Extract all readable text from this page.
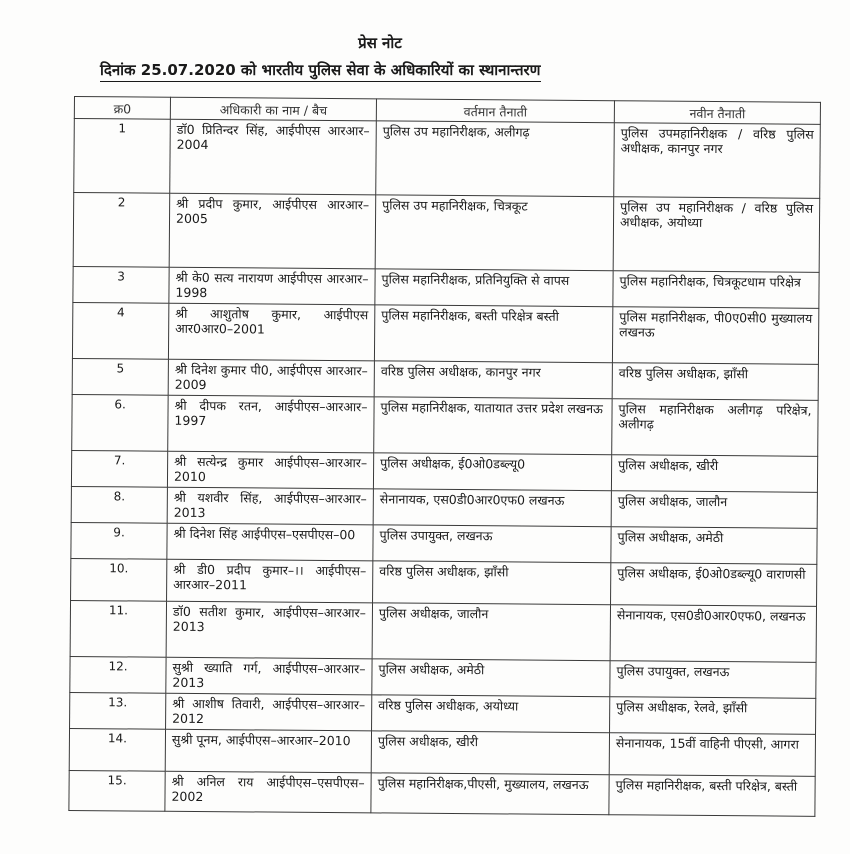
प्रेस नोट
दिनांक 25.07.2020 को भारतीय पुलिस सेवा के अधिकारियों का स्थानान्तरण
क्र0	अधिकारी का नाम / बैच	वर्तमान तैनाती	नवीन तैनाती
1	डॉ0 प्रितिन्दर सिंह, आईपीएस आरआर–2004	पुलिस उप महानिरीक्षक, अलीगढ़	पुलिस उपमहानिरीक्षक / वरिष्ठ पुलिस अधीक्षक, कानपुर नगर
2	श्री प्रदीप कुमार, आईपीएस आरआर–2005	पुलिस उप महानिरीक्षक, चित्रकूट	पुलिस उप महानिरीक्षक / वरिष्ठ पुलिस अधीक्षक, अयोध्या
3	श्री के0 सत्य नारायण आईपीएस आरआर–1998	पुलिस महानिरीक्षक, प्रतिनियुक्ति से वापस	पुलिस महानिरीक्षक, चित्रकूटधाम परिक्षेत्र
4	श्री आशुतोष कुमार, आईपीएस आर0आर0–2001	पुलिस महानिरीक्षक, बस्ती परिक्षेत्र बस्ती	पुलिस महानिरीक्षक, पी0ए0सी0 मुख्यालय लखनऊ
5	श्री दिनेश कुमार पी0, आईपीएस आरआर–2009	वरिष्ठ पुलिस अधीक्षक, कानपुर नगर	वरिष्ठ पुलिस अधीक्षक, झाँसी
6.	श्री दीपक रतन, आईपीएस–आरआर–1997	पुलिस महानिरीक्षक, यातायात उत्तर प्रदेश लखनऊ	पुलिस महानिरीक्षक अलीगढ़ परिक्षेत्र, अलीगढ़
7.	श्री सत्येन्द्र कुमार आईपीएस–आरआर–2010	पुलिस अधीक्षक, ई0ओ0डब्ल्यू0	पुलिस अधीक्षक, खीरी
8.	श्री यशवीर सिंह, आईपीएस–आरआर–2013	सेनानायक, एस0डी0आर0एफ0 लखनऊ	पुलिस अधीक्षक, जालौन
9.	श्री दिनेश सिंह आईपीएस–एसपीएस–00	पुलिस उपायुक्त, लखनऊ	पुलिस अधीक्षक, अमेठी
10.	श्री डी0 प्रदीप कुमार–।। आईपीएस–आरआर–2011	वरिष्ठ पुलिस अधीक्षक, झाँसी	पुलिस अधीक्षक, ई0ओ0डब्ल्यू0 वाराणसी
11.	डॉ0 सतीश कुमार, आईपीएस–आरआर–2013	पुलिस अधीक्षक, जालौन	सेनानायक, एस0डी0आर0एफ0, लखनऊ
12.	सुश्री ख्याति गर्ग, आईपीएस–आरआर–2013	पुलिस अधीक्षक, अमेठी	पुलिस उपायुक्त, लखनऊ
13.	श्री आशीष तिवारी, आईपीएस–आरआर–2012	वरिष्ठ पुलिस अधीक्षक, अयोध्या	पुलिस अधीक्षक, रेलवे, झाँसी
14.	सुश्री पूनम, आईपीएस–आरआर–2010	पुलिस अधीक्षक, खीरी	सेनानायक, 15वीं वाहिनी पीएसी, आगरा
15.	श्री अनिल राय आईपीएस–एसपीएस–2002	पुलिस महानिरीक्षक,पीएसी, मुख्यालय, लखनऊ	पुलिस महानिरीक्षक, बस्ती परिक्षेत्र, बस्ती
